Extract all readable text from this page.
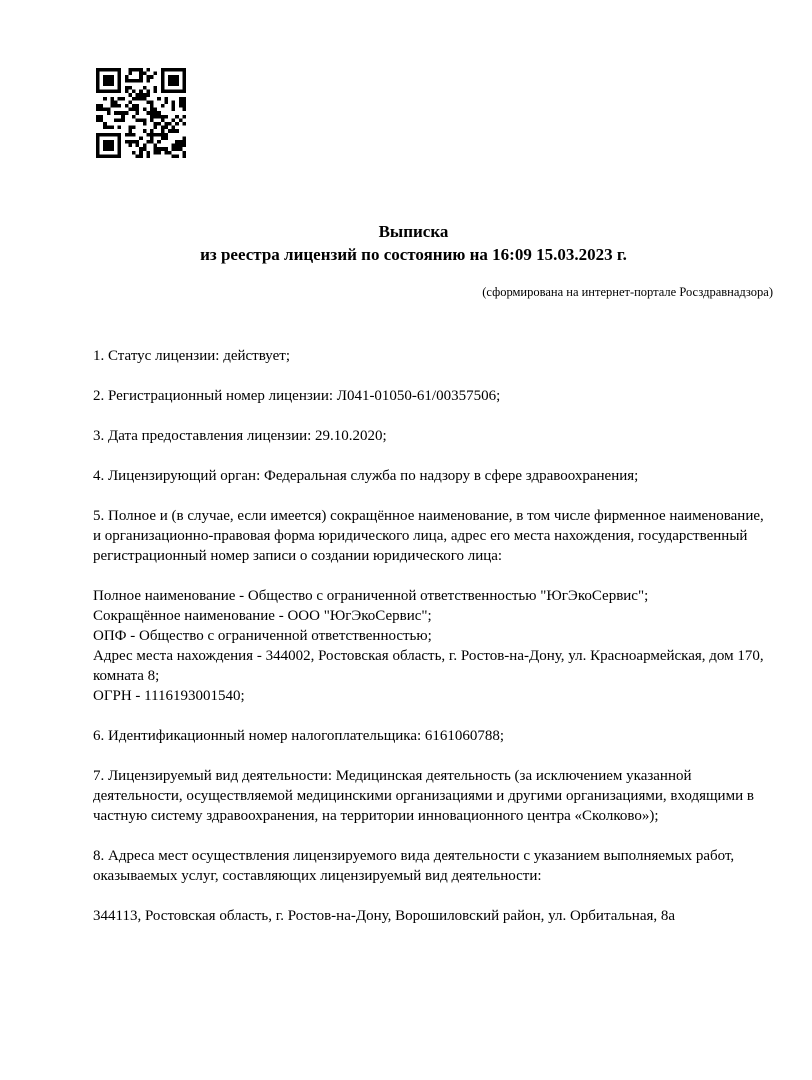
Выписка
из реестра лицензий по состоянию на 16:09 15.03.2023 г.
(сформирована на интернет-портале Росздравнадзора)

1. Статус лицензии: действует;

2. Регистрационный номер лицензии: Л041-01050-61/00357506;

3. Дата предоставления лицензии: 29.10.2020;

4. Лицензирующий орган: Федеральная служба по надзору в сфере здравоохранения;

5. Полное и (в случае, если имеется) сокращённое наименование, в том числе фирменное наименование, и организационно-правовая форма юридического лица, адрес его места нахождения, государственный регистрационный номер записи о создании юридического лица:

Полное наименование - Общество с ограниченной ответственностью "ЮгЭкоСервис";

Сокращённое наименование - ООО "ЮгЭкоСервис";

ОПФ - Общество с ограниченной ответственностью;

Адрес места нахождения - 344002, Ростовская область, г. Ростов-на-Дону, ул. Красноармейская, дом 170, комната 8;

ОГРН - 1116193001540;

6. Идентификационный номер налогоплательщика: 6161060788;

7. Лицензируемый вид деятельности: Медицинская деятельность (за исключением указанной деятельности, осуществляемой медицинскими организациями и другими организациями, входящими в частную систему здравоохранения, на территории инновационного центра «Сколково»);

8. Адреса мест осуществления лицензируемого вида деятельности с указанием выполняемых работ, оказываемых услуг, составляющих лицензируемый вид деятельности:

344113, Ростовская область, г. Ростов-на-Дону, Ворошиловский район, ул. Орбитальная, 8а
